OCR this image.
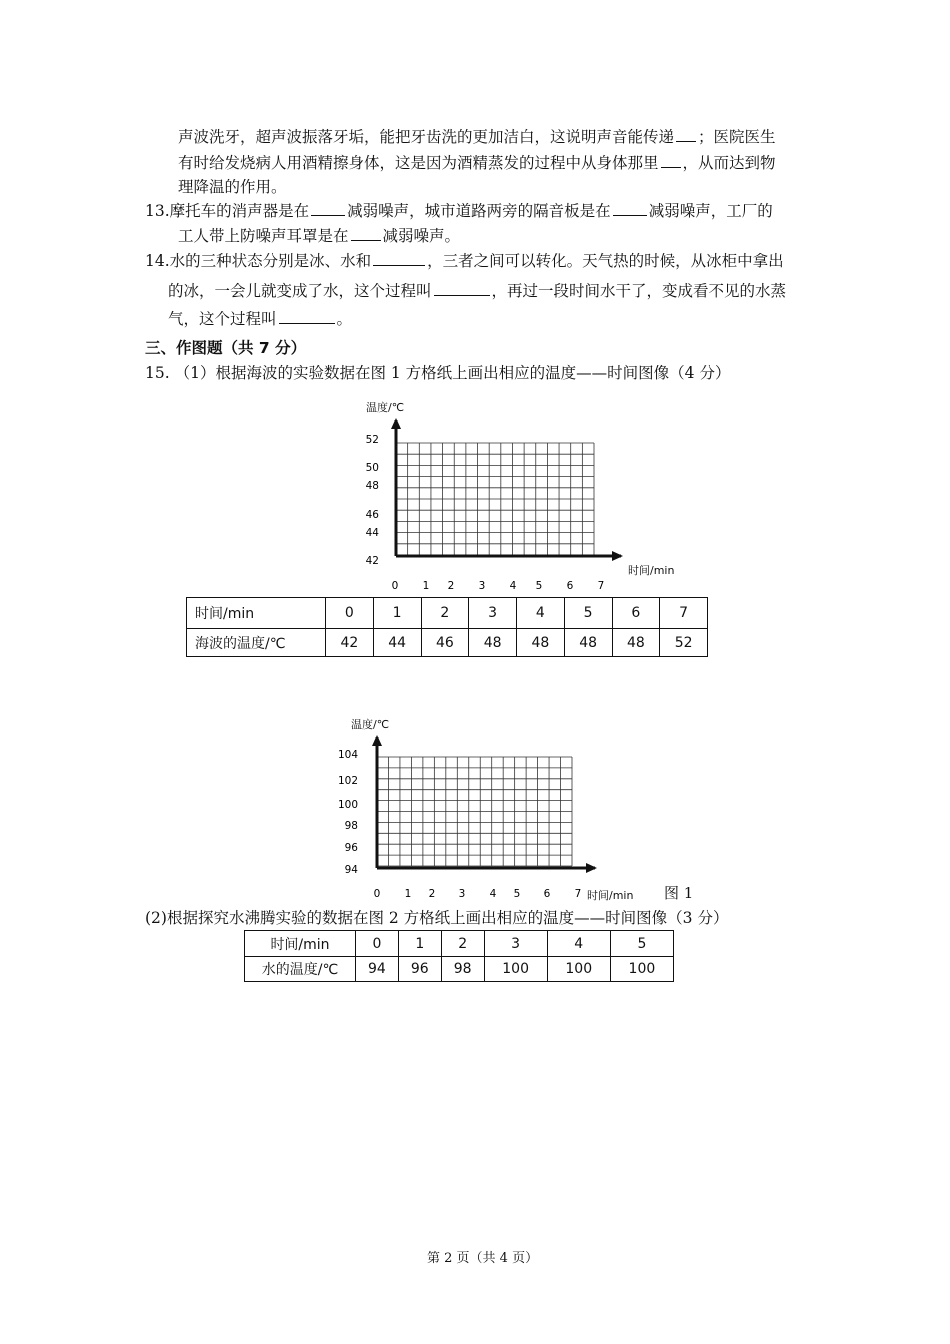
声波洗牙，超声波振落牙垢，能把牙齿洗的更加洁白，这说明声音能传递 ；医院医生
有时给发烧病人用酒精擦身体，这是因为酒精蒸发的过程中从身体那里 ，从而达到物
理降温的作用。
13.摩托车的消声器是在 减弱噪声，城市道路两旁的隔音板是在 减弱噪声，工厂的
工人带上防噪声耳罩是在 减弱噪声。
14.水的三种状态分别是冰、水和	，三者之间可以转化。天气热的时候，从冰柜中拿出
的冰，一会儿就变成了水，这个过程叫	，再过一段时间水干了，变成看不见的水蒸
气，这个过程叫	。
三、作图题（共 7 分）
15. （1）根据海波的实验数据在图 1 方格纸上画出相应的温度——时间图像（4 分）
温度/℃
时间/min
52
50
48
46
44
42
0 1 2 3 4 5 6 7
时间/min	0	1	2	3	4	5	6	7
海波的温度/℃	42	44	46	48	48	48	48	52
温度/℃
时间/min
104
102
100
98
96
94
0 1 2 3 4 5 6 7	图 1
(2)根据探究水沸腾实验的数据在图 2 方格纸上画出相应的温度——时间图像（3 分）
时间/min	0	1	2	3	4	5
水的温度/℃	94	96	98	100	100	100
第 2 页（共 4 页）
